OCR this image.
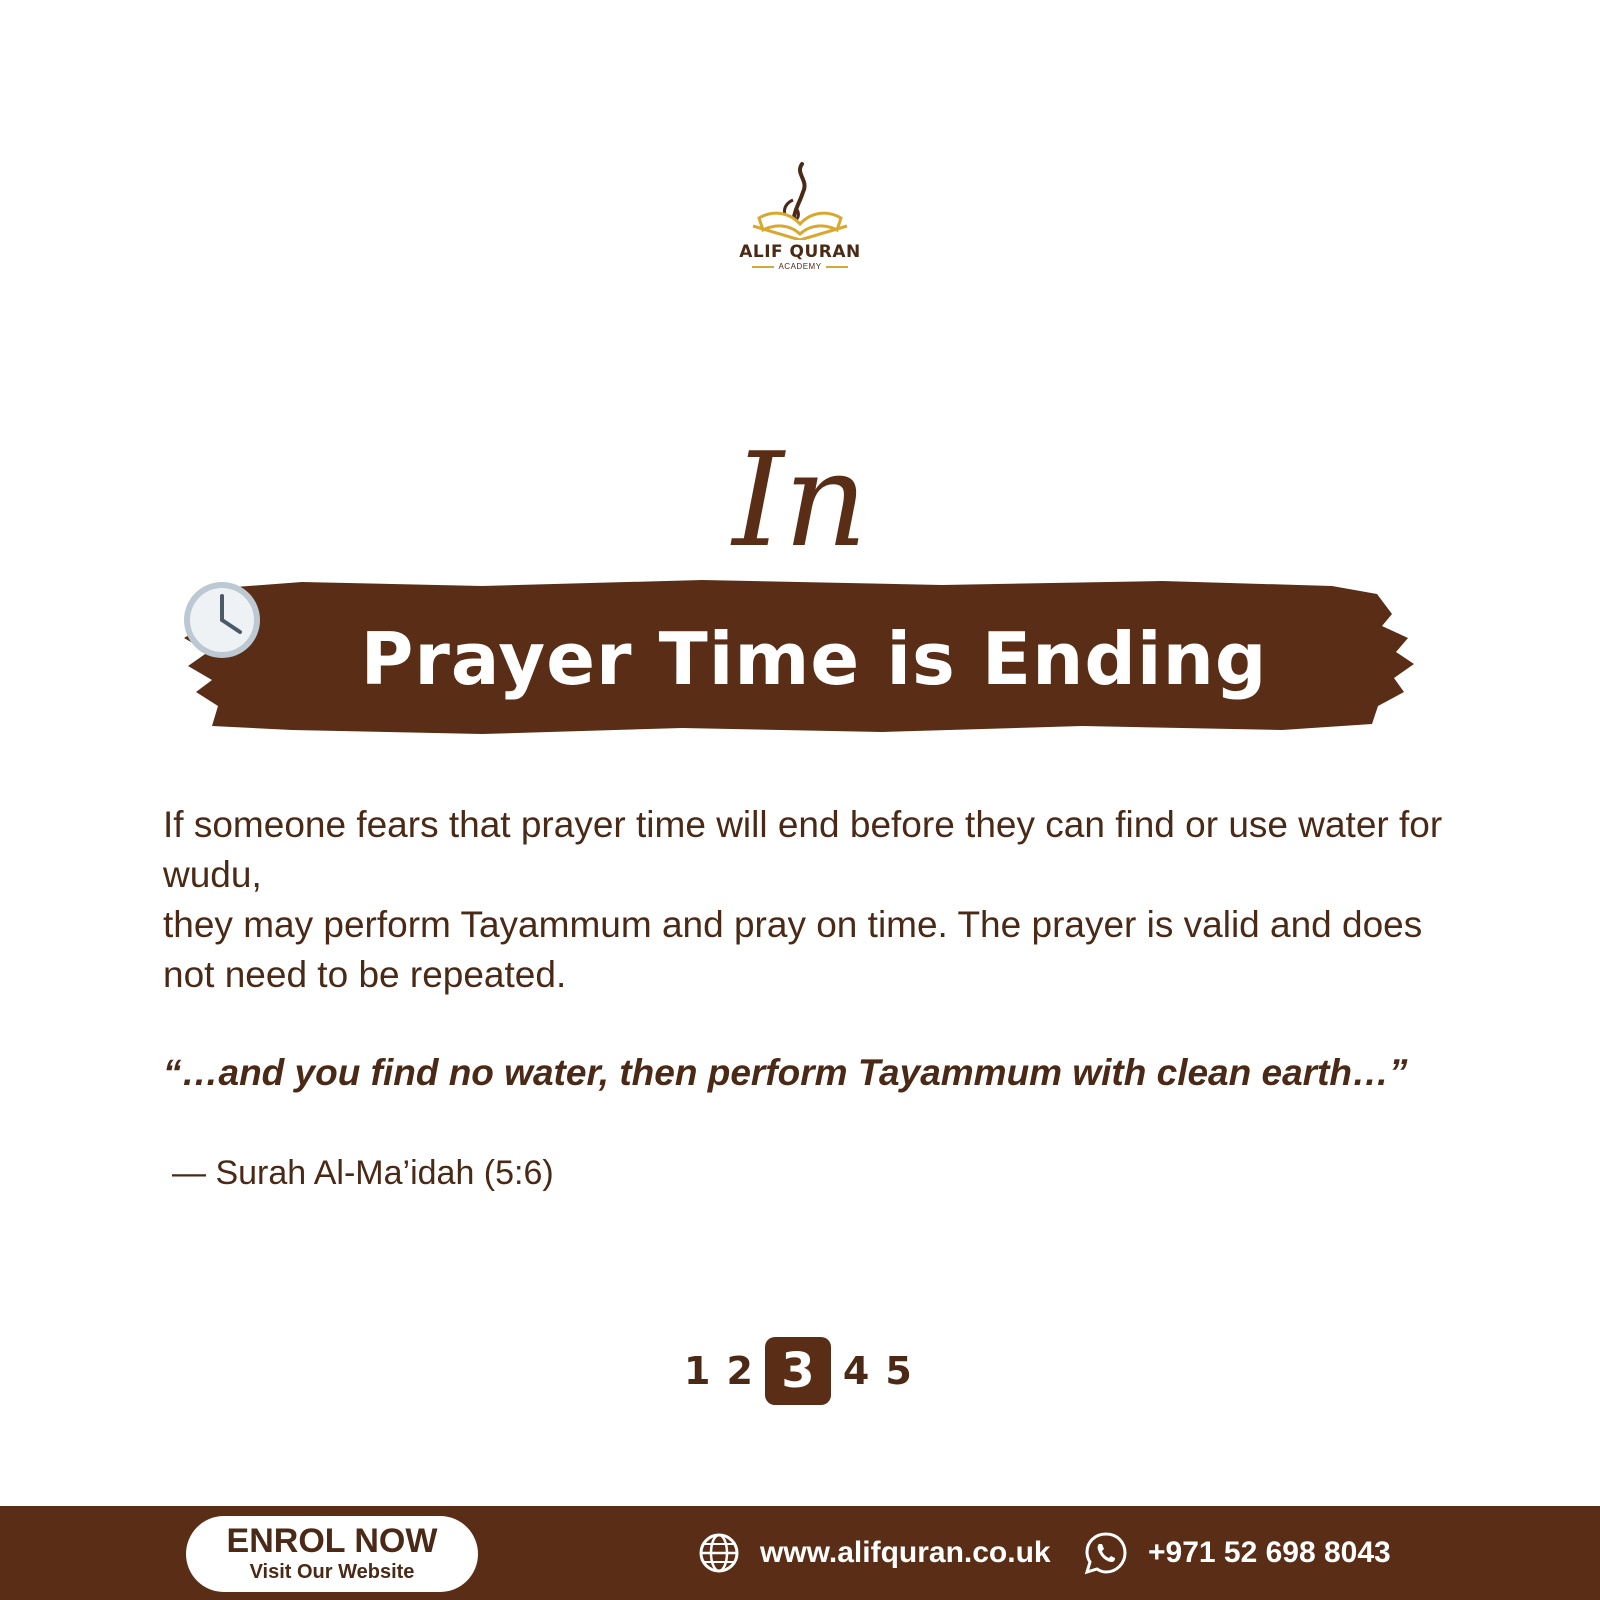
ALIF QURAN
ACADEMY
In
Prayer Time is Ending

If someone fears that prayer time will end before they can find or use water for wudu,

they may perform Tayammum and pray on time. The prayer is valid and does not need to be repeated.

“…and you find no water, then perform Tayammum with clean earth…”
— Surah Al-Ma’idah (5:6)
1 2 3 4 5
ENROL NOW
Visit Our Website
www.alifquran.co.uk	+971 52 698 8043
